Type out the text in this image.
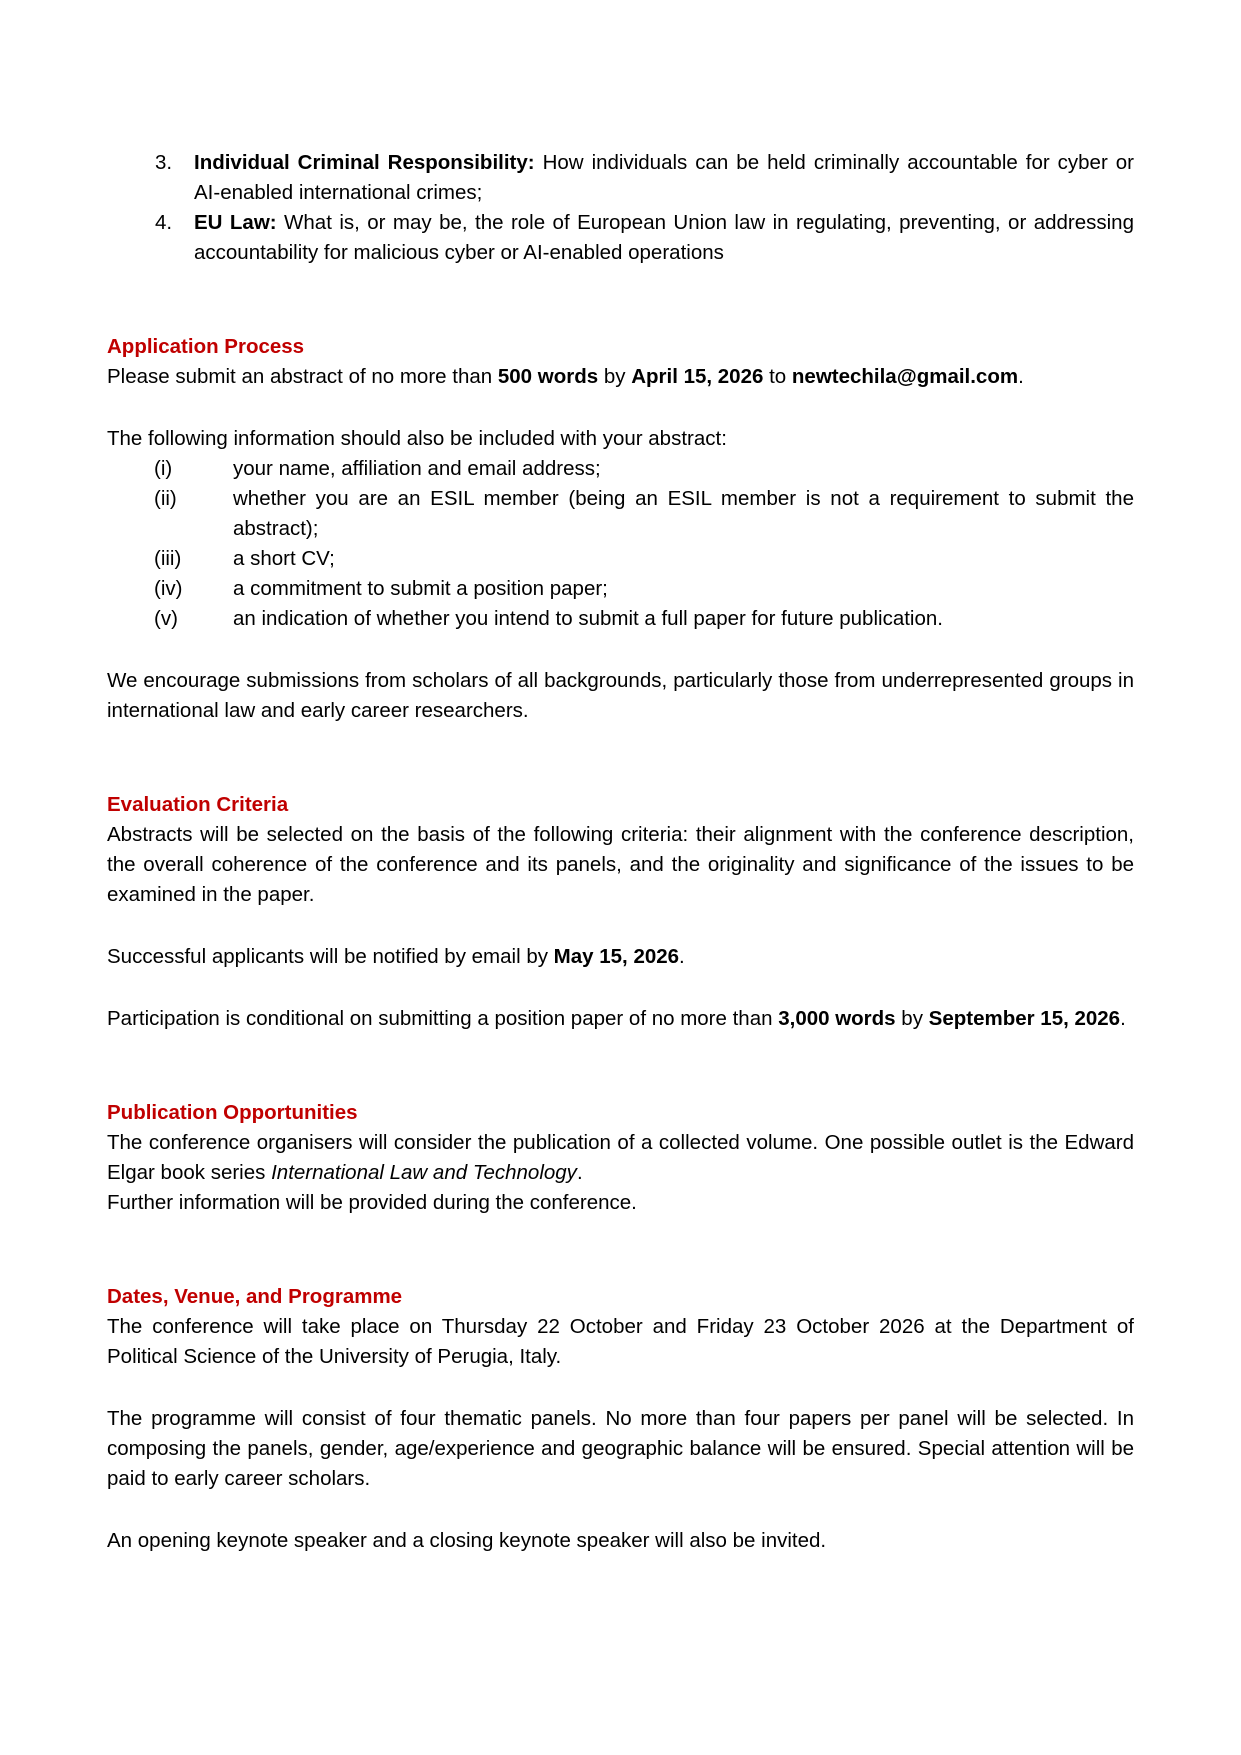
3.	Individual Criminal Responsibility: How individuals can be held criminally accountable for cyber or AI-enabled international crimes;
4.	EU Law: What is, or may be, the role of European Union law in regulating, preventing, or addressing accountability for malicious cyber or AI-enabled operations
Application Process

Please submit an abstract of no more than 500 words by April 15, 2026 to newtechila@gmail.com.

The following information should also be included with your abstract:

(i)	your name, affiliation and email address;
(ii)	whether you are an ESIL member (being an ESIL member is not a requirement to submit the abstract);
(iii)	a short CV;
(iv)	a commitment to submit a position paper;
(v)	an indication of whether you intend to submit a full paper for future publication.

We encourage submissions from scholars of all backgrounds, particularly those from underrepresented groups in international law and early career researchers.

Evaluation Criteria

Abstracts will be selected on the basis of the following criteria: their alignment with the conference description, the overall coherence of the conference and its panels, and the originality and significance of the issues to be examined in the paper.

Successful applicants will be notified by email by May 15, 2026.

Participation is conditional on submitting a position paper of no more than 3,000 words by September 15, 2026.

Publication Opportunities

The conference organisers will consider the publication of a collected volume. One possible outlet is the Edward Elgar book series International Law and Technology.

Further information will be provided during the conference.

Dates, Venue, and Programme

The conference will take place on Thursday 22 October and Friday 23 October 2026 at the Department of Political Science of the University of Perugia, Italy.

The programme will consist of four thematic panels. No more than four papers per panel will be selected. In composing the panels, gender, age/experience and geographic balance will be ensured. Special attention will be paid to early career scholars.

An opening keynote speaker and a closing keynote speaker will also be invited.
